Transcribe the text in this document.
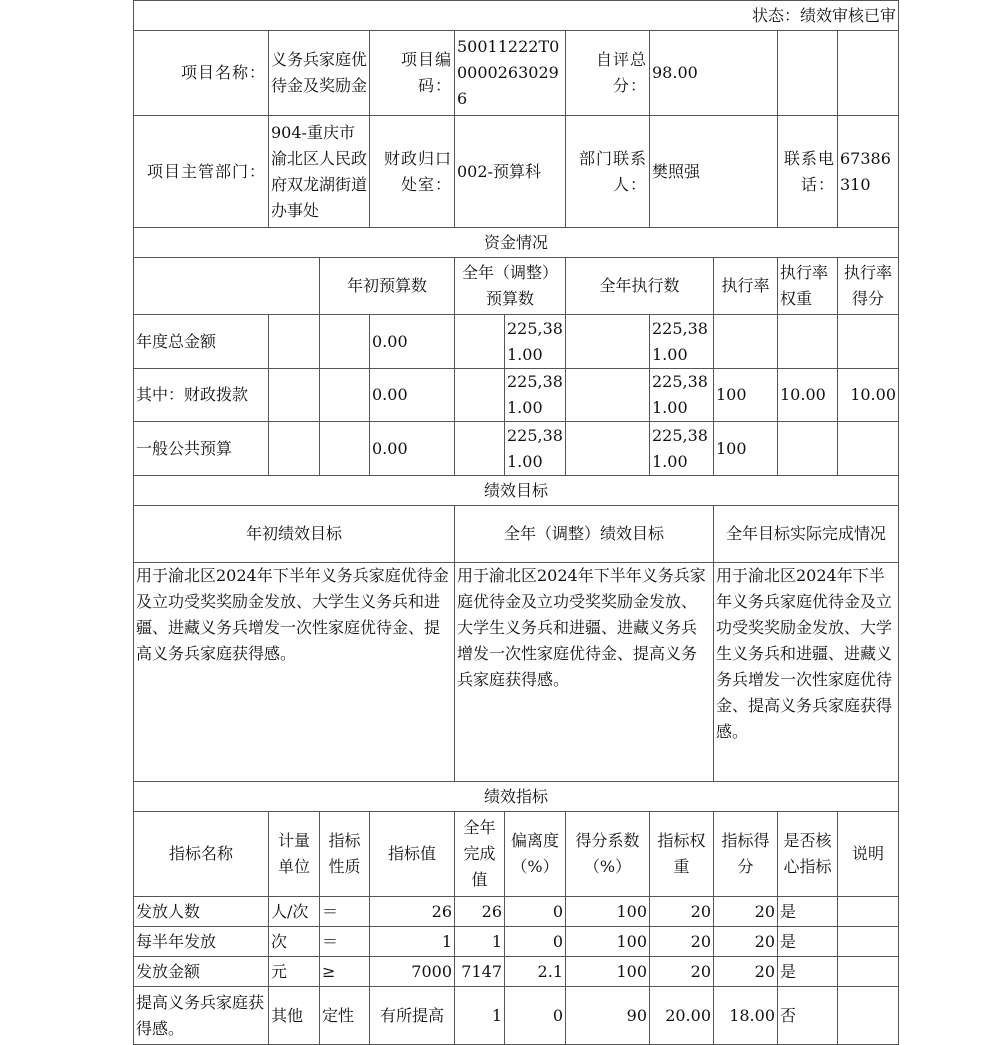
状态：绩效审核已审										
项目名称：	义务兵家庭优待金及奖励金		项目编码：	50011222T000002630296		自评总分：	98.00			
项目主管部门：	904-重庆市渝北区人民政府双龙湖街道办事处		财政归口处室：	002-预算科		部门联系人：	樊照强		联系电话：	67386310
资金情况										
		年初预算数		全年（调整）预算数		全年执行数		执行率	执行率权重	执行率得分
年度总金额			0.00		225,381.00		225,381.00			
其中：财政拨款			0.00		225,381.00		225,381.00	100	10.00	10.00
一般公共预算			0.00		225,381.00		225,381.00	100		
绩效目标										
年初绩效目标				全年（调整）绩效目标				全年目标实际完成情况		
用于渝北区2024年下半年义务兵家庭优待金及立功受奖奖励金发放、大学生义务兵和进疆、进藏义务兵增发一次性家庭优待金、提高义务兵家庭获得感。				用于渝北区2024年下半年义务兵家庭优待金及立功受奖奖励金发放、大学生义务兵和进疆、进藏义务兵增发一次性家庭优待金、提高义务兵家庭获得感。				用于渝北区2024年下半年义务兵家庭优待金及立功受奖奖励金发放、大学生义务兵和进疆、进藏义务兵增发一次性家庭优待金、提高义务兵家庭获得感。		
绩效指标										
指标名称	计量单位	指标性质	指标值	全年完成值	偏离度（%）	得分系数（%）	指标权重	指标得分	是否核心指标	说明
发放人数	人/次	＝	26	26	0	100	20	20	是	
每半年发放	次	＝	1	1	0	100	20	20	是	
发放金额	元	≥	7000	7147	2.1	100	20	20	是	
提高义务兵家庭获得感。	其他	定性	有所提高	1	0	90	20.00	18.00	否	
